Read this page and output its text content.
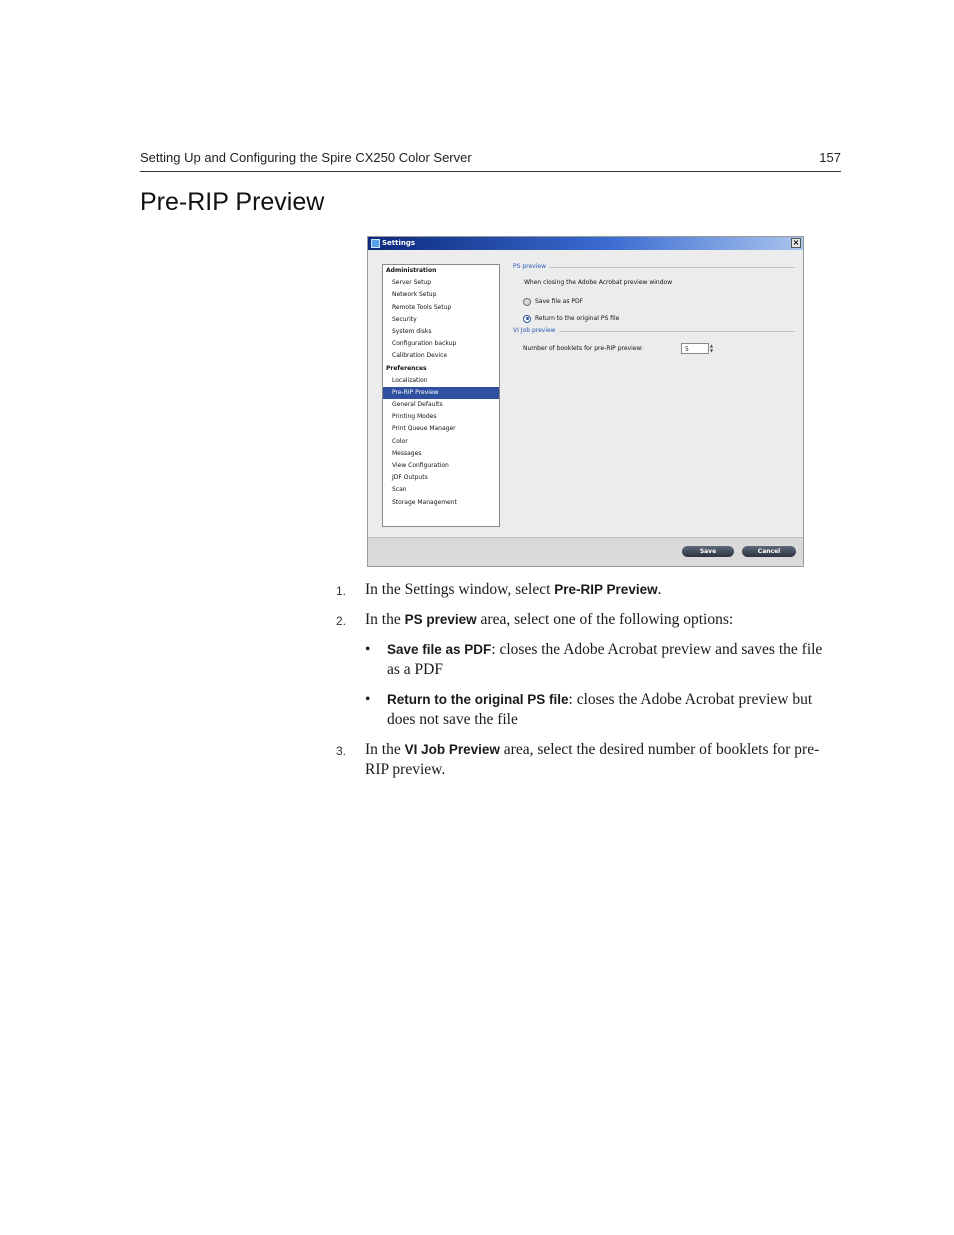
Setting Up and Configuring the Spire CX250 Color Server	157
Pre-RIP Preview
Settings	×
Administration
Server Setup
Network Setup
Remote Tools Setup
Security
System disks
Configuration backup
Calibration Device
Preferences
Localization
Pre-RIP Preview
General Defaults
Printing Modes
Print Queue Manager
Color
Messages
View Configuration
JDF Outputs
Scan
Storage Management
PS preview
When closing the Adobe Acrobat preview window
Save file as PDF
Return to the original PS file
VI Job preview
Number of booklets for pre-RIP preview:	5	▲
▼
Save	Cancel
1. In the Settings window, select Pre-RIP Preview.
2. In the PS preview area, select one of the following options:
• Save file as PDF: closes the Adobe Acrobat preview and saves the file as a PDF
• Return to the original PS file: closes the Adobe Acrobat preview but does not save the file
3. In the VI Job Preview area, select the desired number of booklets for pre-RIP preview.
